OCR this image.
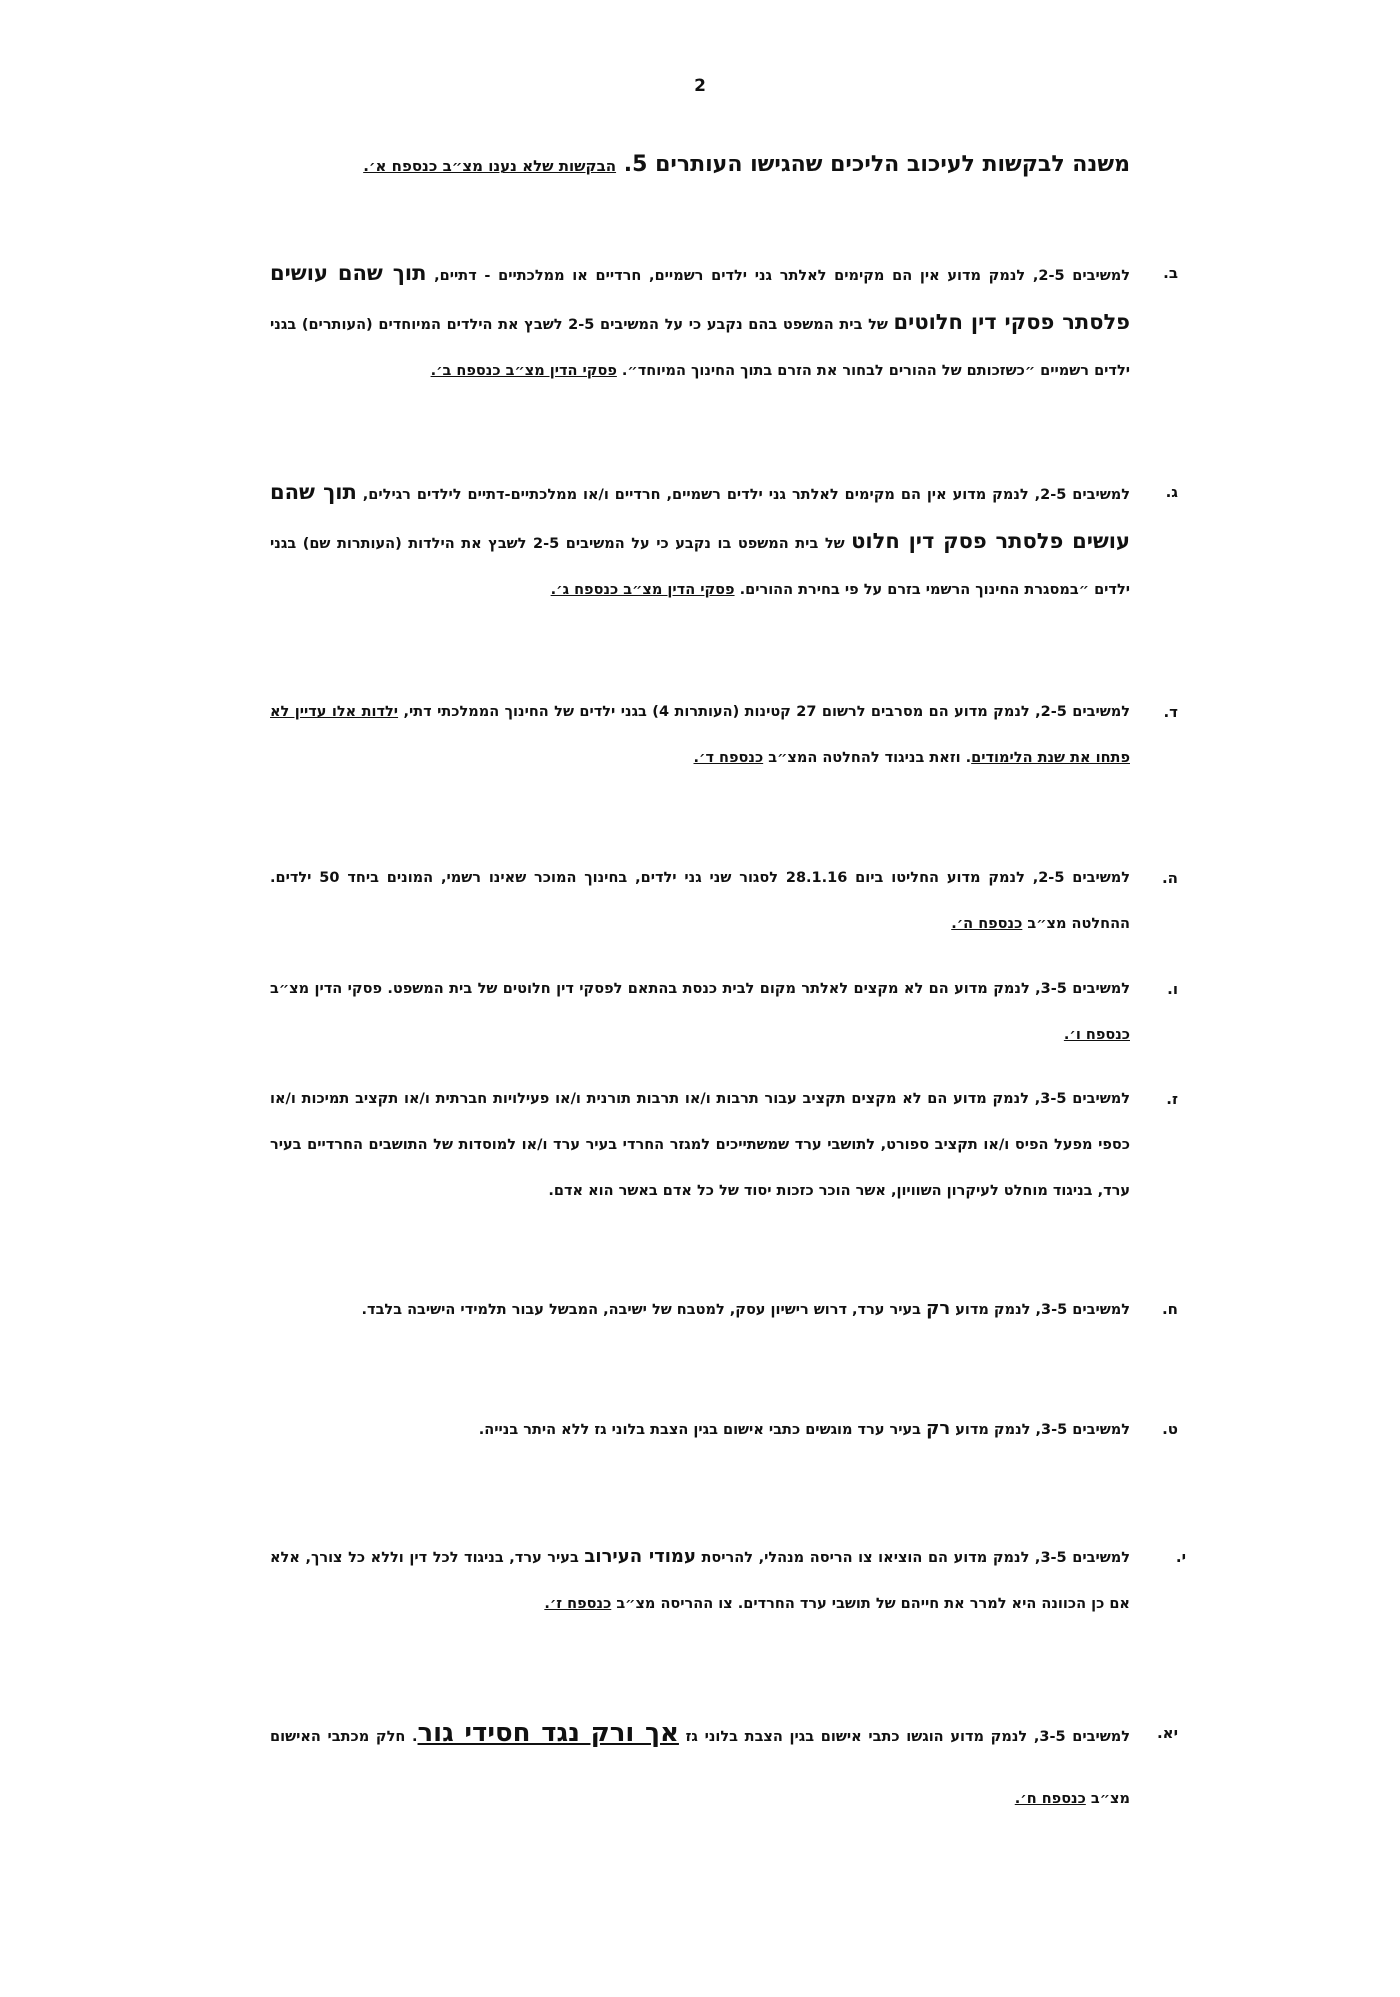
2
משנה לבקשות לעיכוב הליכים שהגישו העותרים 5. הבקשות שלא נענו מצ״ב כנספח א׳.
ב.
למשיבים 2-5, לנמק מדוע אין הם מקימים לאלתר גני ילדים רשמיים, חרדיים או ממלכתיים - דתיים, תוך שהם עושים פלסתר פסקי דין חלוטים של בית המשפט בהם נקבע כי על המשיבים 2-5 לשבץ את הילדים המיוחדים (העותרים) בגני ילדים רשמיים ״כשזכותם של ההורים לבחור את הזרם בתוך החינוך המיוחד״. פסקי הדין מצ״ב כנספח ב׳.
ג.
למשיבים 2-5, לנמק מדוע אין הם מקימים לאלתר גני ילדים רשמיים, חרדיים ו/או ממלכתיים-דתיים לילדים רגילים, תוך שהם עושים פלסתר פסק דין חלוט של בית המשפט בו נקבע כי על המשיבים 2-5 לשבץ את הילדות (העותרות שם) בגני ילדים ״במסגרת החינוך הרשמי בזרם על פי בחירת ההורים. פסקי הדין מצ״ב כנספח ג׳.
ד.
למשיבים 2-5, לנמק מדוע הם מסרבים לרשום 27 קטינות (העותרות 4) בגני ילדים של החינוך הממלכתי דתי, ילדות אלו עדיין לא פתחו את שנת הלימודים. וזאת בניגוד להחלטה המצ״ב כנספח ד׳.
ה.
למשיבים 2-5, לנמק מדוע החליטו ביום 28.1.16 לסגור שני גני ילדים, בחינוך המוכר שאינו רשמי, המונים ביחד 50 ילדים. ההחלטה מצ״ב כנספח ה׳.
ו.
למשיבים 3-5, לנמק מדוע הם לא מקצים לאלתר מקום לבית כנסת בהתאם לפסקי דין חלוטים של בית המשפט. פסקי הדין מצ״ב כנספח ו׳.
ז.
למשיבים 3-5, לנמק מדוע הם לא מקצים תקציב עבור תרבות ו/או תרבות תורנית ו/או פעילויות חברתית ו/או תקציב תמיכות ו/או כספי מפעל הפיס ו/או תקציב ספורט, לתושבי ערד שמשתייכים למגזר החרדי בעיר ערד ו/או למוסדות של התושבים החרדיים בעיר ערד, בניגוד מוחלט לעיקרון השוויון, אשר הוכר כזכות יסוד של כל אדם באשר הוא אדם.
ח.
למשיבים 3-5, לנמק מדוע רק בעיר ערד, דרוש רישיון עסק, למטבח של ישיבה, המבשל עבור תלמידי הישיבה בלבד.
ט.
למשיבים 3-5, לנמק מדוע רק בעיר ערד מוגשים כתבי אישום בגין הצבת בלוני גז ללא היתר בנייה.
י.
למשיבים 3-5, לנמק מדוע הם הוציאו צו הריסה מנהלי, להריסת עמודי העירוב בעיר ערד, בניגוד לכל דין וללא כל צורך, אלא אם כן הכוונה היא למרר את חייהם של תושבי ערד החרדים. צו ההריסה מצ״ב כנספח ז׳.
יא.
למשיבים 3-5, לנמק מדוע הוגשו כתבי אישום בגין הצבת בלוני גז אך ורק נגד חסידי גור. חלק מכתבי האישום מצ״ב כנספח ח׳.
